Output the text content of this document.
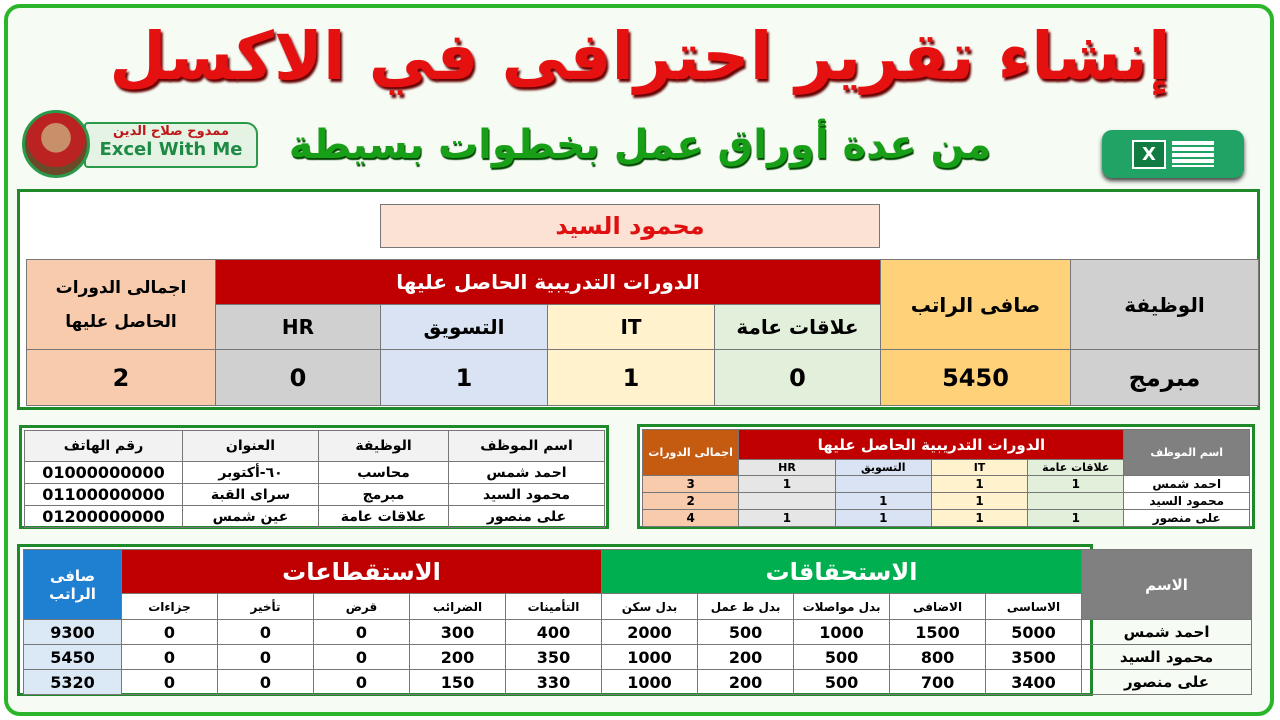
إنشاء تقرير احترافى في الاكسل
من عدة أوراق عمل بخطوات بسيطة
ممدوح صلاح الدين
Excel With Me	X
محمود السيد
الوظيفة	صافى الراتب	الدورات التدريبية الحاصل عليها				اجمالى الدورات الحاصل عليها
		علاقات عامة	IT	التسويق	HR	
مبرمج	5450	0	1	1	0	2
اسم الموظف	الوظيفة	العنوان	رقم الهاتف
احمد شمس	محاسب	٦٠-أكتوبر	01000000000
محمود السيد	مبرمج	سراى القبة	01100000000
على منصور	علاقات عامة	عين شمس	01200000000
اسم الموظف	الدورات التدريبية الحاصل عليها				اجمالى الدورات
	علاقات عامة	IT	التسويق	HR	
احمد شمس	1	1		1	3
محمود السيد		1	1		2
على منصور	1	1	1	1	4
الاسم	الاستحقاقات					الاستقطاعات					صافى الراتب
	الاساسى	الاضافى	بدل مواصلات	بدل ط عمل	بدل سكن	التأمينات	الضرائب	قرض	تأخير	جزاءات	
احمد شمس	5000	1500	1000	500	2000	400	300	0	0	0	9300
محمود السيد	3500	800	500	200	1000	350	200	0	0	0	5450
على منصور	3400	700	500	200	1000	330	150	0	0	0	5320
